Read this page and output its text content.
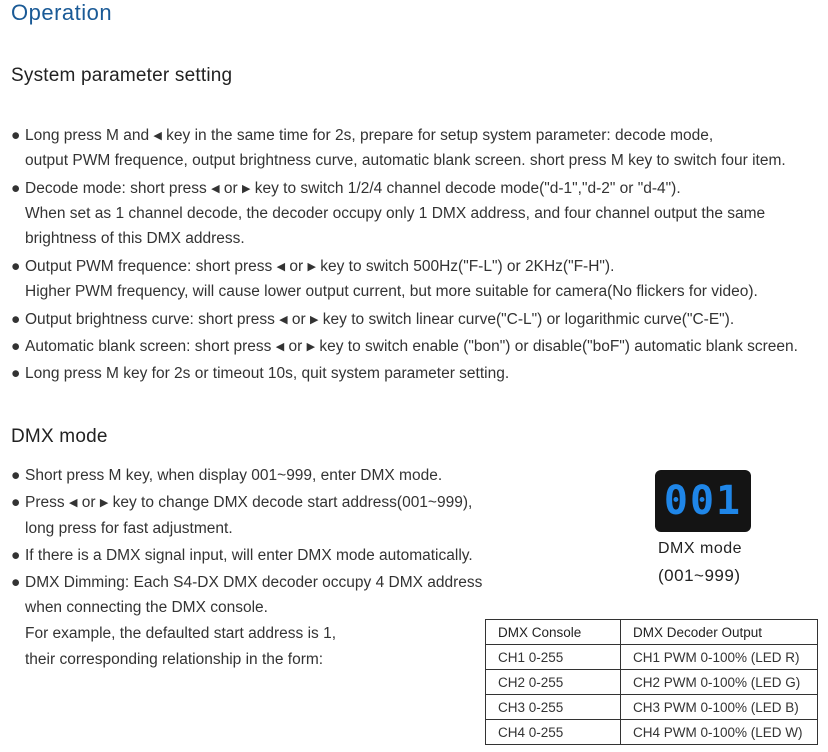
Operation
System parameter setting
● Long press M and ◀ key in the same time for 2s, prepare for setup system parameter: decode mode,
output PWM frequence, output brightness curve, automatic blank screen. short press M key to switch four item.
● Decode mode: short press ◀ or ▶ key to switch 1/2/4 channel decode mode("d-1","d-2" or "d-4").
When set as 1 channel decode, the decoder occupy only 1 DMX address, and four channel output the same
brightness of this DMX address.
● Output PWM frequence: short press ◀ or ▶ key to switch 500Hz("F-L") or 2KHz("F-H").
Higher PWM frequency, will cause lower output current, but more suitable for camera(No flickers for video).
● Output brightness curve: short press ◀ or ▶ key to switch linear curve("C-L") or logarithmic curve("C-E").
● Automatic blank screen: short press ◀ or ▶ key to switch enable ("bon") or disable("boF") automatic blank screen.
● Long press M key for 2s or timeout 10s, quit system parameter setting.
DMX mode
● Short press M key, when display 001~999, enter DMX mode.
● Press ◀ or ▶ key to change DMX decode start address(001~999),
long press for fast adjustment.
● If there is a DMX signal input, will enter DMX mode automatically.
● DMX Dimming: Each S4-DX DMX decoder occupy 4 DMX address
when connecting the DMX console.
For example, the defaulted start address is 1,
their corresponding relationship in the form:
001
DMX mode
(001~999)
DMX Console	DMX Decoder Output
CH1 0-255	CH1 PWM 0-100% (LED R)
CH2 0-255	CH2 PWM 0-100% (LED G)
CH3 0-255	CH3 PWM 0-100% (LED B)
CH4 0-255	CH4 PWM 0-100% (LED W)
